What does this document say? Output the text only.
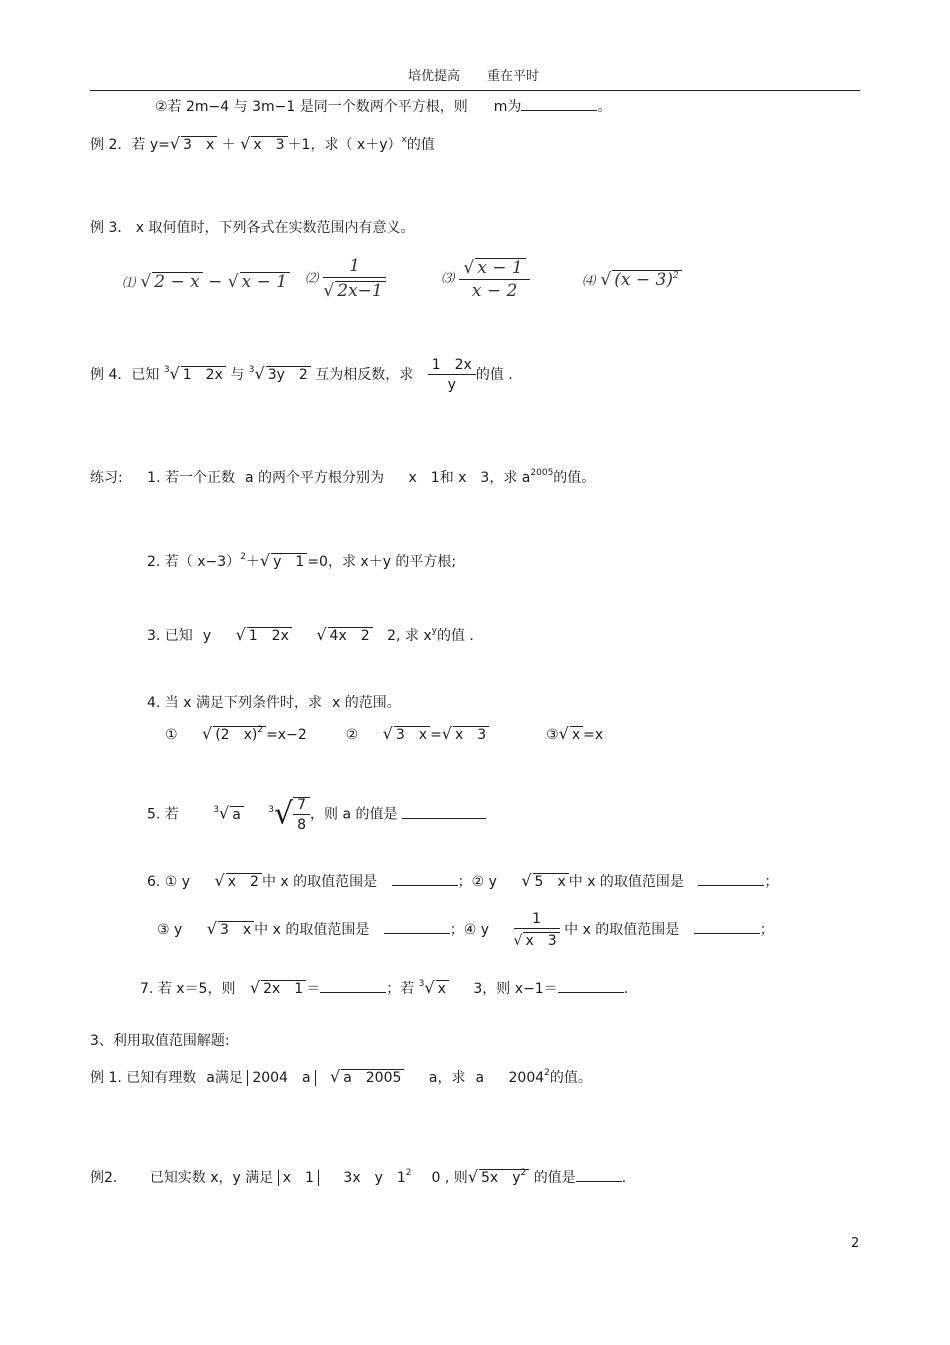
培优提高 重在平时
②若 2m−4 与 3m−1 是同一个数两个平方根，则 m为	。
例 2．若 y=√ 3　x ＋ √ x　3 ＋1，求（ x＋y）$^x$的值
例 3． x 取何值时，下列各式在实数范围内有意义。
⑴ √ 2 − x − √ x − 1 ⑵ $\frac{1}{√ 2x-1}$	⑶ $\frac{√ x - 1}{x - 2}$	⑷ √ $(x - 3)^2$
例 4．已知 $^3$√ 1　2x 与 $^3$√ 3y　2 互为相反数，求 $\frac{1 2x}{y}$ 的值 .
练习: 1. 若一个正数 a 的两个平方根分别为 x　1和 x　3，求 $a^{2005}$的值。
2. 若（ x−3）$^2$＋√ y　1 =0，求 x＋y 的平方根;
3. 已知 y √ 1　2x √ 4x　2 2, 求 $x^y$的值 .
4. 当 x 满足下列条件时，求 x 的范围。
① √ (2　x)$^2$ =x−2	② √ 3　x =√ x　3	③√ x =x
5. 若	$^3$√ a	$^3√ \frac{7}{8}$ ，则 a 的值是
6. ① y √ x　2 中 x 的取值范围是	；② y √ 5　x 中 x 的取值范围是	；
③ y √ 3　x 中 x 的取值范围是	；④ y $\frac{1}{√ x 3}$ 中 x 的取值范围是	；
7. 若 x＝5，则 √ 2x　1 ＝	；若 $^3$√ x 3，则 x−1＝	.
3、利用取值范围解题:
例 1. 已知有理数 a满足 2004　a √ a　2005 a，求 a 2004$^2$的值。
例2. 已知实数 x，y 满足 x　1 3x　y　$1^2$ 0 , 则√ 5x　$y^2$ 的值是	.
2
